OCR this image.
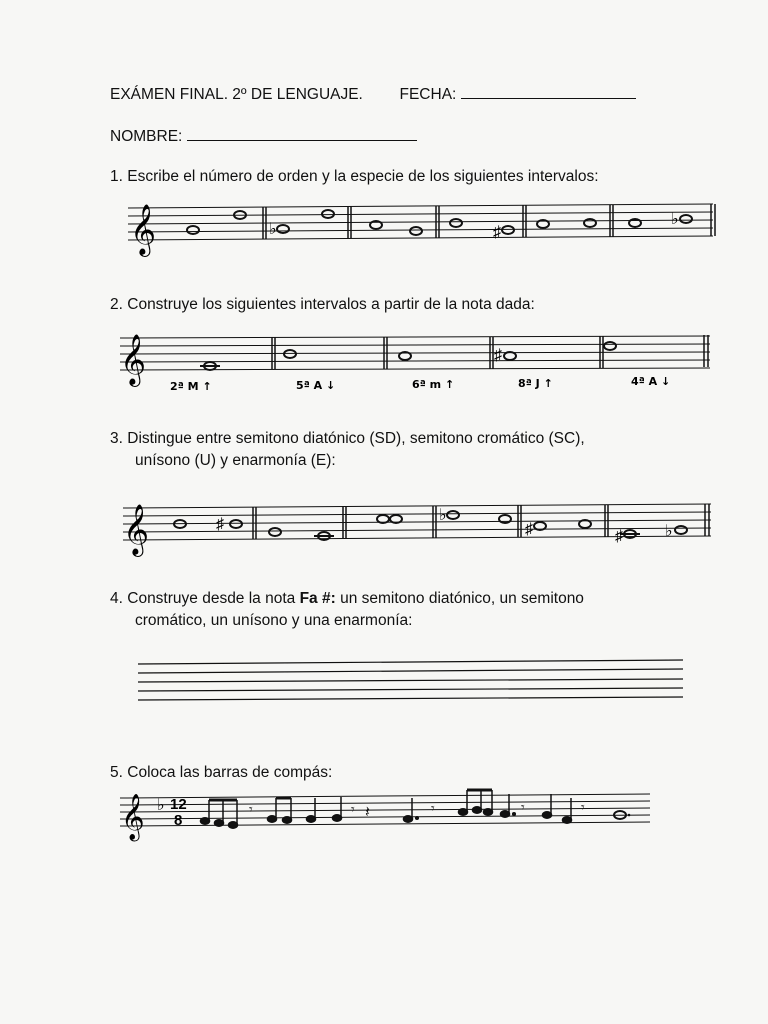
EXÁMEN FINAL. 2º DE LENGUAJE. FECHA:
NOMBRE:
1. Escribe el número de orden y la especie de los siguientes intervalos:
𝄞	♭	♯
♭
2. Construye los siguientes intervalos a partir de la nota dada:
𝄞	♯
2ª M ↑	5ª A ↓	6ª m ↑	8ª J ↑	4ª A ↓
3. Distingue entre semitono diatónico (SD), semitono cromático (SC),
unísono (U) y enarmonía (E):
𝄞	♯
♭
♯	♯	♭
4. Construye desde la nota Fa #: un semitono diatónico, un semitono
cromático, un unísono y una enarmonía:
5. Coloca las barras de compás:
𝄞 ♭ 12
8
𝄾	𝄾 𝄽	𝄾	𝄾	𝄾
